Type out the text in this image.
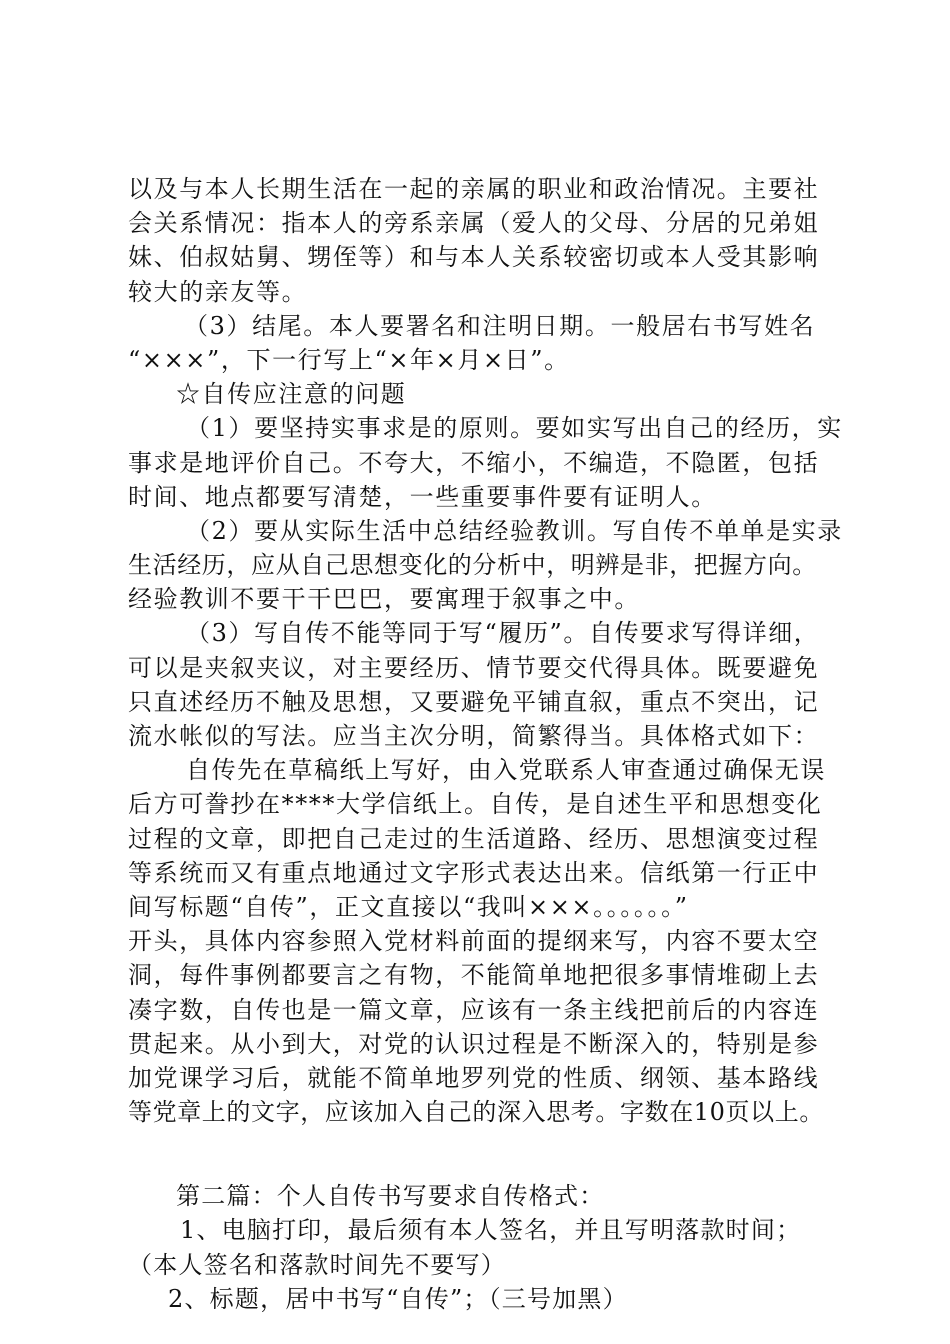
以及与本人长期生活在一起的亲属的职业和政治情况。主要社
会关系情况：指本人的旁系亲属（爱人的父母、分居的兄弟姐
妹、伯叔姑舅、甥侄等）和与本人关系较密切或本人受其影响
较大的亲友等。
（3）结尾。本人要署名和注明日期。一般居右书写姓名
“×××”，下一行写上“×年×月×日”。
☆自传应注意的问题
（1）要坚持实事求是的原则。要如实写出自己的经历，实
事求是地评价自己。不夸大，不缩小，不编造，不隐匿，包括
时间、地点都要写清楚，一些重要事件要有证明人。
（2）要从实际生活中总结经验教训。写自传不单单是实录
生活经历，应从自己思想变化的分析中，明辨是非，把握方向。
经验教训不要干干巴巴，要寓理于叙事之中。
（3）写自传不能等同于写“履历”。自传要求写得详细，
可以是夹叙夹议，对主要经历、情节要交代得具体。既要避免
只直述经历不触及思想，又要避免平铺直叙，重点不突出，记
流水帐似的写法。应当主次分明，简繁得当。具体格式如下：
自传先在草稿纸上写好，由入党联系人审查通过确保无误
后方可誊抄在****大学信纸上。自传，是自述生平和思想变化
过程的文章，即把自己走过的生活道路、经历、思想演变过程
等系统而又有重点地通过文字形式表达出来。信纸第一行正中
间写标题“自传”，正文直接以“我叫×××。。。。。。”
开头，具体内容参照入党材料前面的提纲来写，内容不要太空
洞，每件事例都要言之有物，不能简单地把很多事情堆砌上去
凑字数，自传也是一篇文章，应该有一条主线把前后的内容连
贯起来。从小到大，对党的认识过程是不断深入的，特别是参
加党课学习后，就能不简单地罗列党的性质、纲领、基本路线
等党章上的文字，应该加入自己的深入思考。字数在10页以上。
第二篇：个人自传书写要求自传格式：
1、电脑打印，最后须有本人签名，并且写明落款时间；
（本人签名和落款时间先不要写）
2、标题，居中书写“自传”；（三号加黑）
